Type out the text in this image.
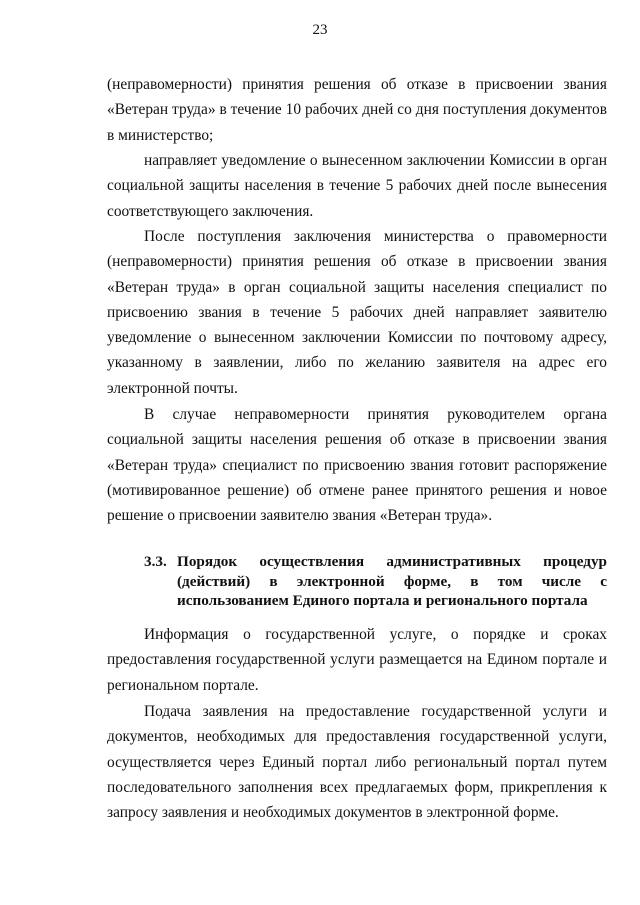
23
(неправомерности) принятия решения об отказе в присвоении звания «Ветеран труда» в течение 10 рабочих дней со дня поступления документов в министерство;
направляет уведомление о вынесенном заключении Комиссии в орган социальной защиты населения в течение 5 рабочих дней после вынесения соответствующего заключения.
После поступления заключения министерства о правомерности (неправомерности) принятия решения об отказе в присвоении звания «Ветеран труда» в орган социальной защиты населения специалист по присвоению звания в течение 5 рабочих дней направляет заявителю уведомление о вынесенном заключении Комиссии по почтовому адресу, указанному в заявлении, либо по желанию заявителя на адрес его электронной почты.
В случае неправомерности принятия руководителем органа социальной защиты населения решения об отказе в присвоении звания «Ветеран труда» специалист по присвоению звания готовит распоряжение (мотивированное решение) об отмене ранее принятого решения и новое решение о присвоении заявителю звания «Ветеран труда».
3.3. Порядок осуществления административных процедур (действий) в электронной форме, в том числе с использованием Единого портала и регионального портала
Информация о государственной услуге, о порядке и сроках предоставления государственной услуги размещается на Едином портале и региональном портале.
Подача заявления на предоставление государственной услуги и документов, необходимых для предоставления государственной услуги, осуществляется через Единый портал либо региональный портал путем последовательного заполнения всех предлагаемых форм, прикрепления к запросу заявления и необходимых документов в электронной форме.
